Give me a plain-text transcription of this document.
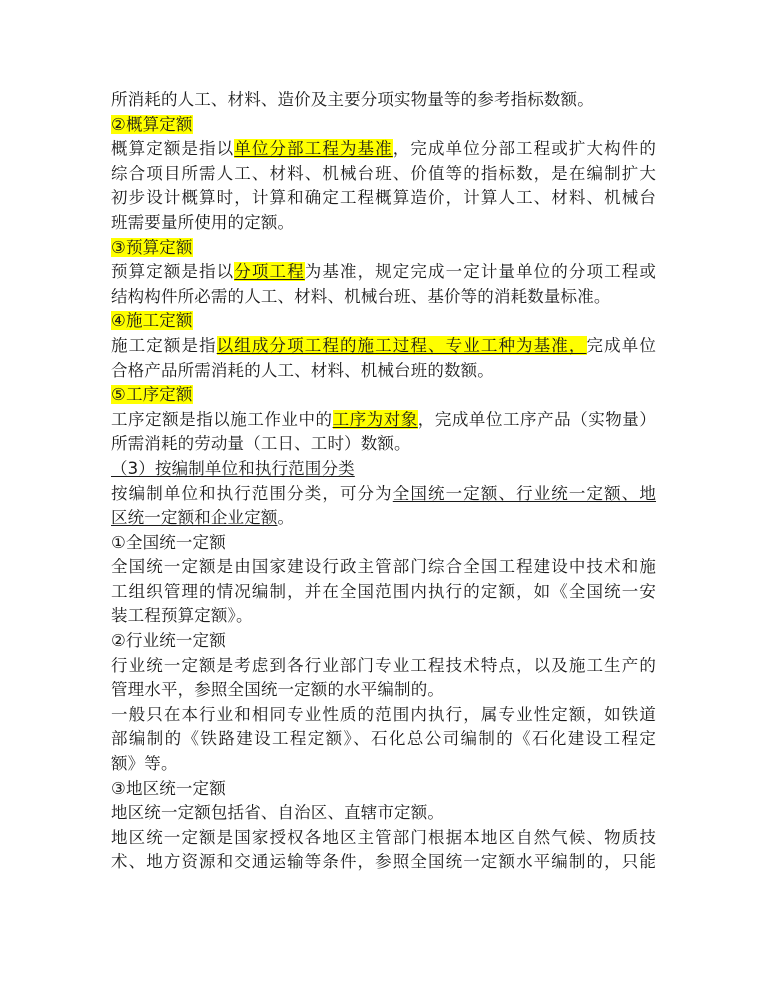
所消耗的人工、材料、造价及主要分项实物量等的参考指标数额。
②概算定额
概算定额是指以单位分部工程为基准，完成单位分部工程或扩大构件的
综合项目所需人工、材料、机械台班、价值等的指标数，是在编制扩大
初步设计概算时，计算和确定工程概算造价，计算人工、材料、机械台
班需要量所使用的定额。
③预算定额
预算定额是指以分项工程为基准，规定完成一定计量单位的分项工程或
结构构件所必需的人工、材料、机械台班、基价等的消耗数量标准。
④施工定额
施工定额是指以组成分项工程的施工过程、专业工种为基准，完成单位
合格产品所需消耗的人工、材料、机械台班的数额。
⑤工序定额
工序定额是指以施工作业中的工序为对象，完成单位工序产品（实物量）
所需消耗的劳动量（工日、工时）数额。
（3）按编制单位和执行范围分类
按编制单位和执行范围分类，可分为全国统一定额、行业统一定额、地
区统一定额和企业定额。
①全国统一定额
全国统一定额是由国家建设行政主管部门综合全国工程建设中技术和施
工组织管理的情况编制，并在全国范围内执行的定额，如《全国统一安
装工程预算定额》。
②行业统一定额
行业统一定额是考虑到各行业部门专业工程技术特点，以及施工生产的
管理水平，参照全国统一定额的水平编制的。
一般只在本行业和相同专业性质的范围内执行，属专业性定额，如铁道
部编制的《铁路建设工程定额》、石化总公司编制的《石化建设工程定
额》等。
③地区统一定额
地区统一定额包括省、自治区、直辖市定额。
地区统一定额是国家授权各地区主管部门根据本地区自然气候、物质技
术、地方资源和交通运输等条件，参照全国统一定额水平编制的，只能
